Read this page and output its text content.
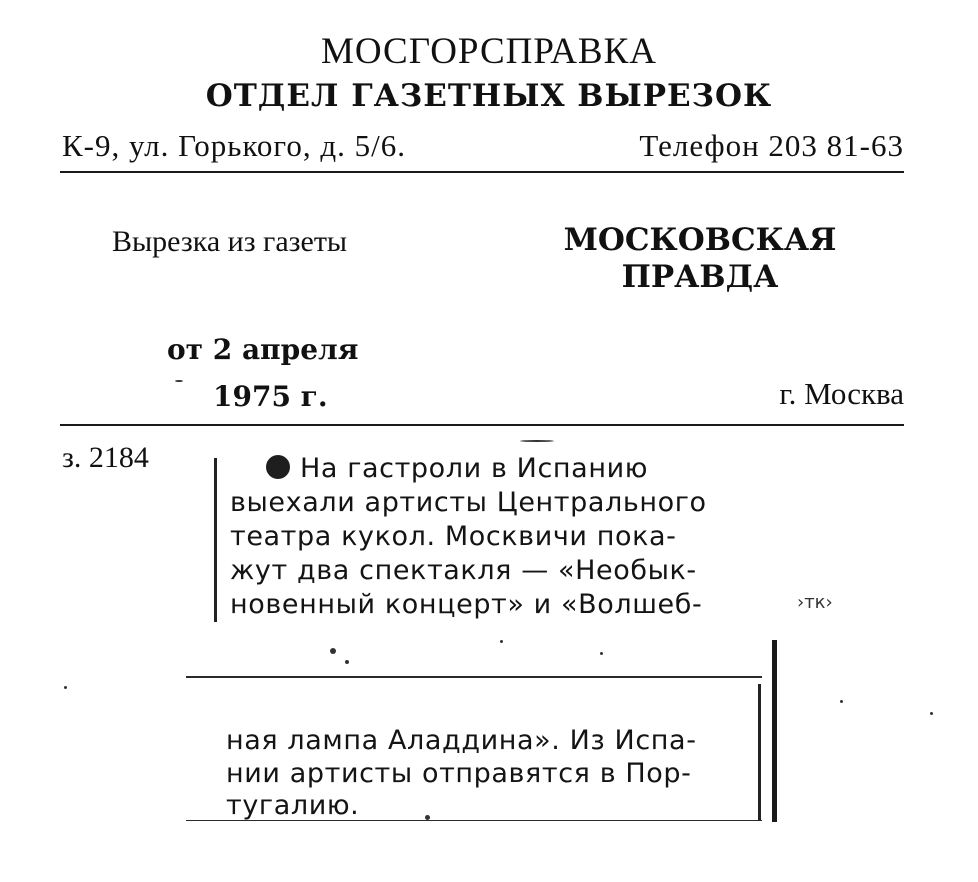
МОСГОРСПРАВКА
ОТДЕЛ ГАЗЕТНЫХ ВЫРЕЗОК
К-9, ул. Горького, д. 5/6.	Телефон 203 81-63
Вырезка из газеты	МОСКОВСКАЯ
ПРАВДА
от 2 апреля
1975 г.	г. Москва
з. 2184	На гастроли в Испанию
выехали артисты Центрального
театра кукол. Москвичи пока-
жут два спектакля — «Необык-
новенный концерт» и «Волшеб-	›тк›
ная лампа Аладдина». Из Испа-
нии артисты отправятся в Пор-
тугалию.
